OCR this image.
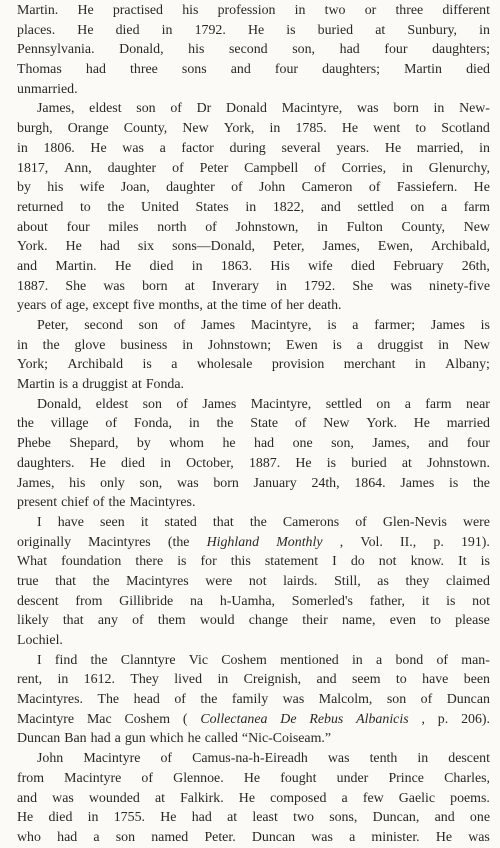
Martin. He practised his profession in two or three different
places. He died in 1792. He is buried at Sunbury, in
Pennsylvania. Donald, his second son, had four daughters;
Thomas had three sons and four daughters; Martin died
unmarried.
James, eldest son of Dr Donald Macintyre, was born in New-
burgh, Orange County, New York, in 1785. He went to Scotland
in 1806. He was a factor during several years. He married, in
1817, Ann, daughter of Peter Campbell of Corries, in Glenurchy,
by his wife Joan, daughter of John Cameron of Fassiefern. He
returned to the United States in 1822, and settled on a farm
about four miles north of Johnstown, in Fulton County, New
York. He had six sons—Donald, Peter, James, Ewen, Archibald,
and Martin. He died in 1863. His wife died February 26th,
1887. She was born at Inverary in 1792. She was ninety-five
years of age, except five months, at the time of her death.
Peter, second son of James Macintyre, is a farmer; James is
in the glove business in Johnstown; Ewen is a druggist in New
York; Archibald is a wholesale provision merchant in Albany;
Martin is a druggist at Fonda.
Donald, eldest son of James Macintyre, settled on a farm near
the village of Fonda, in the State of New York. He married
Phebe Shepard, by whom he had one son, James, and four
daughters. He died in October, 1887. He is buried at Johnstown.
James, his only son, was born January 24th, 1864. James is the
present chief of the Macintyres.
I have seen it stated that the Camerons of Glen-Nevis were
originally Macintyres (the Highland Monthly , Vol. II., p. 191).
What foundation there is for this statement I do not know. It is
true that the Macintyres were not lairds. Still, as they claimed
descent from Gillibride na h-Uamha, Somerled's father, it is not
likely that any of them would change their name, even to please
Lochiel.
I find the Clanntyre Vic Coshem mentioned in a bond of man-
rent, in 1612. They lived in Creignish, and seem to have been
Macintyres. The head of the family was Malcolm, son of Duncan
Macintyre Mac Coshem ( Collectanea De Rebus Albanicis , p. 206).
Duncan Ban had a gun which he called “Nic-Coiseam.”
John Macintyre of Camus-na-h-Eireadh was tenth in descent
from Macintyre of Glennoe. He fought under Prince Charles,
and was wounded at Falkirk. He composed a few Gaelic poems.
He died in 1755. He had at least two sons, Duncan, and one
who had a son named Peter. Duncan was a minister. He was
